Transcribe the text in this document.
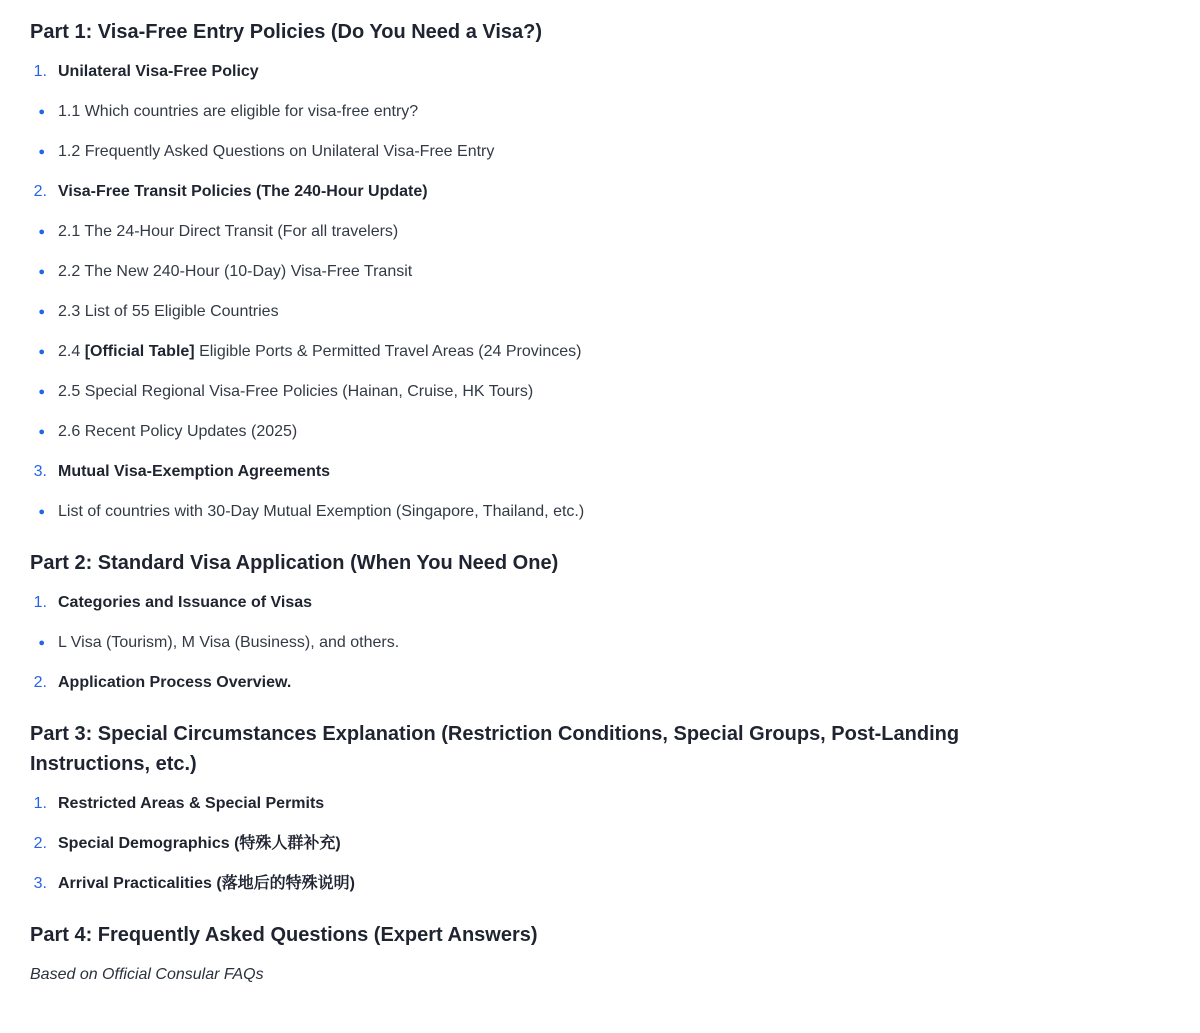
Part 1: Visa-Free Entry Policies (Do You Need a Visa?)
1. Unilateral Visa-Free Policy
● 1.1 Which countries are eligible for visa-free entry?
● 1.2 Frequently Asked Questions on Unilateral Visa-Free Entry
2. Visa-Free Transit Policies (The 240-Hour Update)
● 2.1 The 24-Hour Direct Transit (For all travelers)
● 2.2 The New 240-Hour (10-Day) Visa-Free Transit
● 2.3 List of 55 Eligible Countries
● 2.4 [Official Table] Eligible Ports & Permitted Travel Areas (24 Provinces)
● 2.5 Special Regional Visa-Free Policies (Hainan, Cruise, HK Tours)
● 2.6 Recent Policy Updates (2025)
3. Mutual Visa-Exemption Agreements
● List of countries with 30-Day Mutual Exemption (Singapore, Thailand, etc.)
Part 2: Standard Visa Application (When You Need One)
1. Categories and Issuance of Visas
● L Visa (Tourism), M Visa (Business), and others.
2. Application Process Overview.
Part 3: Special Circumstances Explanation (Restriction Conditions, Special Groups, Post-Landing Instructions, etc.)
1. Restricted Areas & Special Permits
2. Special Demographics (特殊人群补充)
3. Arrival Practicalities (落地后的特殊说明)
Part 4: Frequently Asked Questions (Expert Answers)

Based on Official Consular FAQs
